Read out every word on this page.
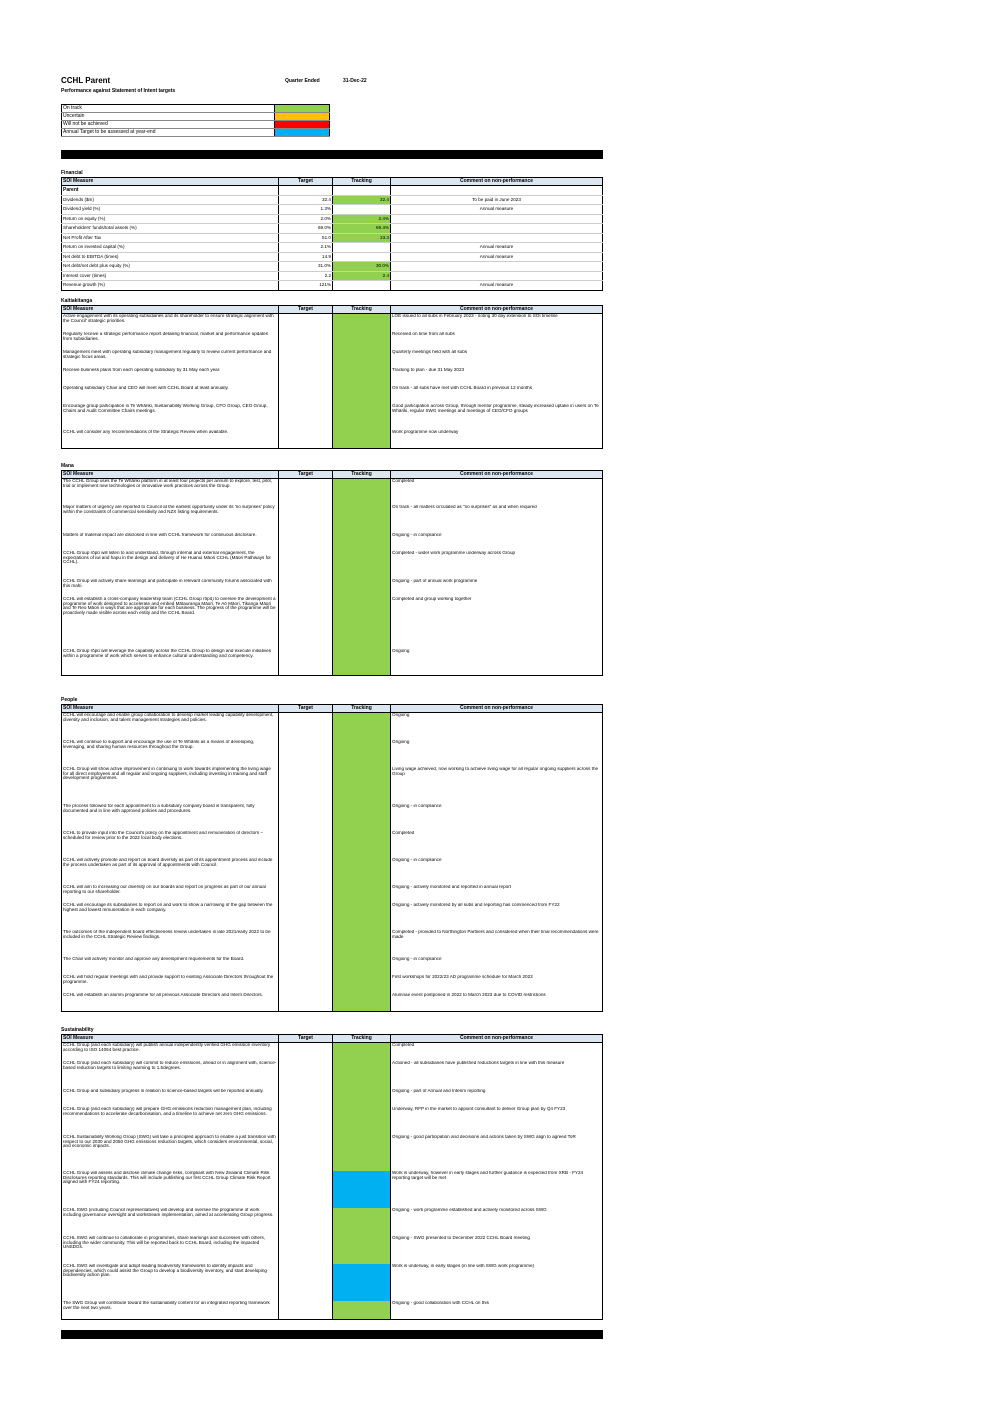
CCHL Parent
Performance against Statement of Intent targets
Quarter Ended	31-Dec-22
On track	
Uncertain	
Will not be achieved	
Annual Target to be assessed at year-end	
Financial
SOI Measure	Target	Tracking	Comment on non-performance
Parent			
Dividends ($m)	32.4	32.4	To be paid in June 2023
Dividend yield (%)	1.3%		Annual measure
Return on equity (%)	2.0%	2.4%	
Shareholders' funds/total assets (%)	69.0%	69.4%	
Net Profit After Tax	51.0	33.3	
Return on invested capital (%)	2.1%		Annual measure
Net debt to EBITDA (times)	14.9		Annual measure
Net debt/net debt plus equity (%)	31.0%	30.0%	
Interest cover (times)	2.2	2.4	
Revenue growth (%)	121%		Annual measure
Kaitiakitanga
SOI Measure	Target	Tracking	Comment on non-performance
Active engagement with its operating subsidiaries and its shareholder to ensure strategic alignment with the Council' strategic priorities.			LOE issued to all subs in February 2023 - noting 30 day extension to SOI timeline
Regularly receive a strategic performance report detailing financial, market and performance updates from subsidiaries.			Received on time from all subs
Management meet with operating subsidiary management regularly to review current performance and strategic focus areas.			Quarterly meetings held with all subs
Receive business plans from each operating subsidiary by 31 May each year.			Tracking to plan - due 31 May 2023
Operating subsidiary Chair and CEO will meet with CCHL Board at least annually.			On track - all subs have met with CCHL Board in previous 12 months
Encourage group participation in Te Whāriki, Sustainability Working Group, CFO Group, CEO Group, Chairs and Audit Committee Chairs meetings.			Good participation across Group, through mentor programme, steady increased uptake in users on Te Whāriki, regular SWG meetings and meetings of CEO/CFO groups
CCHL will consider any recommendaions of the Strategic Review when available.			Work programme now underway
Mana
SOI Measure	Target	Tracking	Comment on non-performance
The CCHL Group uses the Te Whāriki platform in at least four projects per annum to explore, test, pilot, trial or implement new technologies or innovative work practices across the Group.			Completed
Major matters of urgency are reported to Council at the earliest opportunity under its 'no surprises' policy within the constraints of commercial sensitivity and NZX listing requirements.			On track - all matters circulated as "no surprises" as and when required
Matters of material impact are disclosed in line with CCHL framework for continuous disclosure.			Ongoing - in compliance
CCHL Group rōpū will listen to and understand, through internal and external engagement, the expectations of iwi and hapu in the design and delivery of He Huanui Māori CCHL (Māori Pathways for CCHL).			Completed - wider work programme underway across Group
CCHL Group will actively share learnings and participate in relevant community forums associated with this mahi.			Ongoing - part of annual work programme
CCHL will establish a cross-company leadership team (CCHL Group rōpū) to oversee the development a programme of work designed to accelerate and embed Mātauranga Māori, Te Aō Māori, Tikanga Māori and Te Reo Māori in ways that are appropriate for each business. The progress of the programme will be proactively made visible across each entity and the CCHL Board.			Completed and group working together
CCHL Group rōpū will leverage the capability across the CCHL Group to design and execute initiatives within a programme of work which serves to enhance cultural understanding and competency.			Ongoing
People
SOI Measure	Target	Tracking	Comment on non-performance
CCHL will encourage and enable group collaboration to develop market leading capability development, diversity and inclusion, and talent management strategies and policies.			Ongoing
CCHL will continue to support and encourage the use of Te Whāriki as a means of developing, leveraging, and sharing human resources throughout the Group.			Ongoing
CCHL Group will show active improvement in continuing to work towards implementing the living wage for all direct employees and all regular and ongoing suppliers, including investing in training and staff development programmes.			Living wage achieved, now working to achieve living wage for all regular ongoing suppliers across the Group
The process followed for each appointment to a subsidiary company board is transparent, fully documented and in line with approved policies and procedures.			Ongoing - in compliance
CCHL to provide input into the Council's policy on the appointment and remuneration of directors – scheduled for review prior to the 2022 local body elections.			Completed
CCHL will actively promote and report on board diversity as part of its appointment process and include the process undertaken as part of its approval of appointments with Council.			Ongoing - in compliance
CCHL will aim to increasing our diversity on our boards and report on progress as part of our annual reporting to our shareholder.			Ongoing - actively monitored and reported in annual report
CCHL will encourage its subsidiaries to report on and work to show a narrowing of the gap between the highest and lowest remuneration in each company.			Ongoing - actively monitored by all subs and reporting has commenced from FY22
The outcomes of the independent board effectiveness review undertaken in late 2021/early 2022 to be included in the CCHL Strategic Review findings.			Completed - provided to Northington Partners and considered when their final recommendations were made
The Chair will actively monitor and approve any development requirements for the Board.			Ongoing - in compliance
CCHL will hold regular meetings with and provide support to existing Associate Directors throughout the programme.			First workshops for 2022/23 AD programme schedule for March 2023
CCHL will establish an alumni programme for all previous Associate Directors and Intern Directors.			Alumnae event postponed in 2022 to March 2023 due to COVID restrictions
Sustainability
SOI Measure	Target	Tracking	Comment on non-performance
CCHL Group (and each subsidiary) will publish annual independently verified GHG emission inventory according to ISO 14064 best practice.			Completed
CCHL Group (and each subsidiary) will commit to reduce emissions, ahead or in alignment with, science-based reduction targets to limiting warming to 1.5degrees.			Actioned - all subsidiaries have published reductions targets in line with this measure
CCHL Group and subsidiary progress in relation to science-based targets will be reported annually.			Ongoing - part of Annual and Interim reporting
CCHL Group (and each subsidiary) will prepare GHG emissions reduction management plan, including recommendations to accelerate decarbonisation, and a timeline to achieve net zero GHG emissions.			Underway, RFP in the market to appoint consultant to deliver Group plan by Q4 FY23
CCHL Sustainability Working Group (SWG) will take a principled approach to enable a just transition with respect to our 2030 and 2050 GHG emissions reduction targets, which considers environmental, social, and economic impacts.			Ongoing - good participation and decisions and actions taken by SWG align to agreed ToR
CCHL Group will assess and disclose climate change risks, compliant with New Zealand Climate Risk Disclosures reporting standards. This will include publishing our first CCHL Group Climate Risk Report aligned with FY24 reporting.			Work is underway, however in early stages and further guidance is expected from XRB - FY24 reporting target will be met
CCHL SWG (including Council representatives) will develop and oversee the programme of work including governance oversight and workstream implementation, aimed at accelerating Group progress.			Ongoing - work programme established and actively monitored across SWG
CCHL SWG will continue to collaborate in programmes, share learnings and successes with others, including the wider community. This will be reported back to CCHL Board, including the impacted UNSDGs.			Ongoing - SWG presented to December 2022 CCHL Board meeting
CCHL SWG will investigate and adopt leading biodiversity frameworks to identify impacts and dependencies, which could assist the Group to develop a biodiversity inventory, and start developing biodiversity action plan.			Work is underway, in early stages (in line with SWG work programme)
The SWG Group will contribute toward the sustainability content for an integrated reporting framework over the next two years.			Ongoing - good collaboration with CCHL on this
